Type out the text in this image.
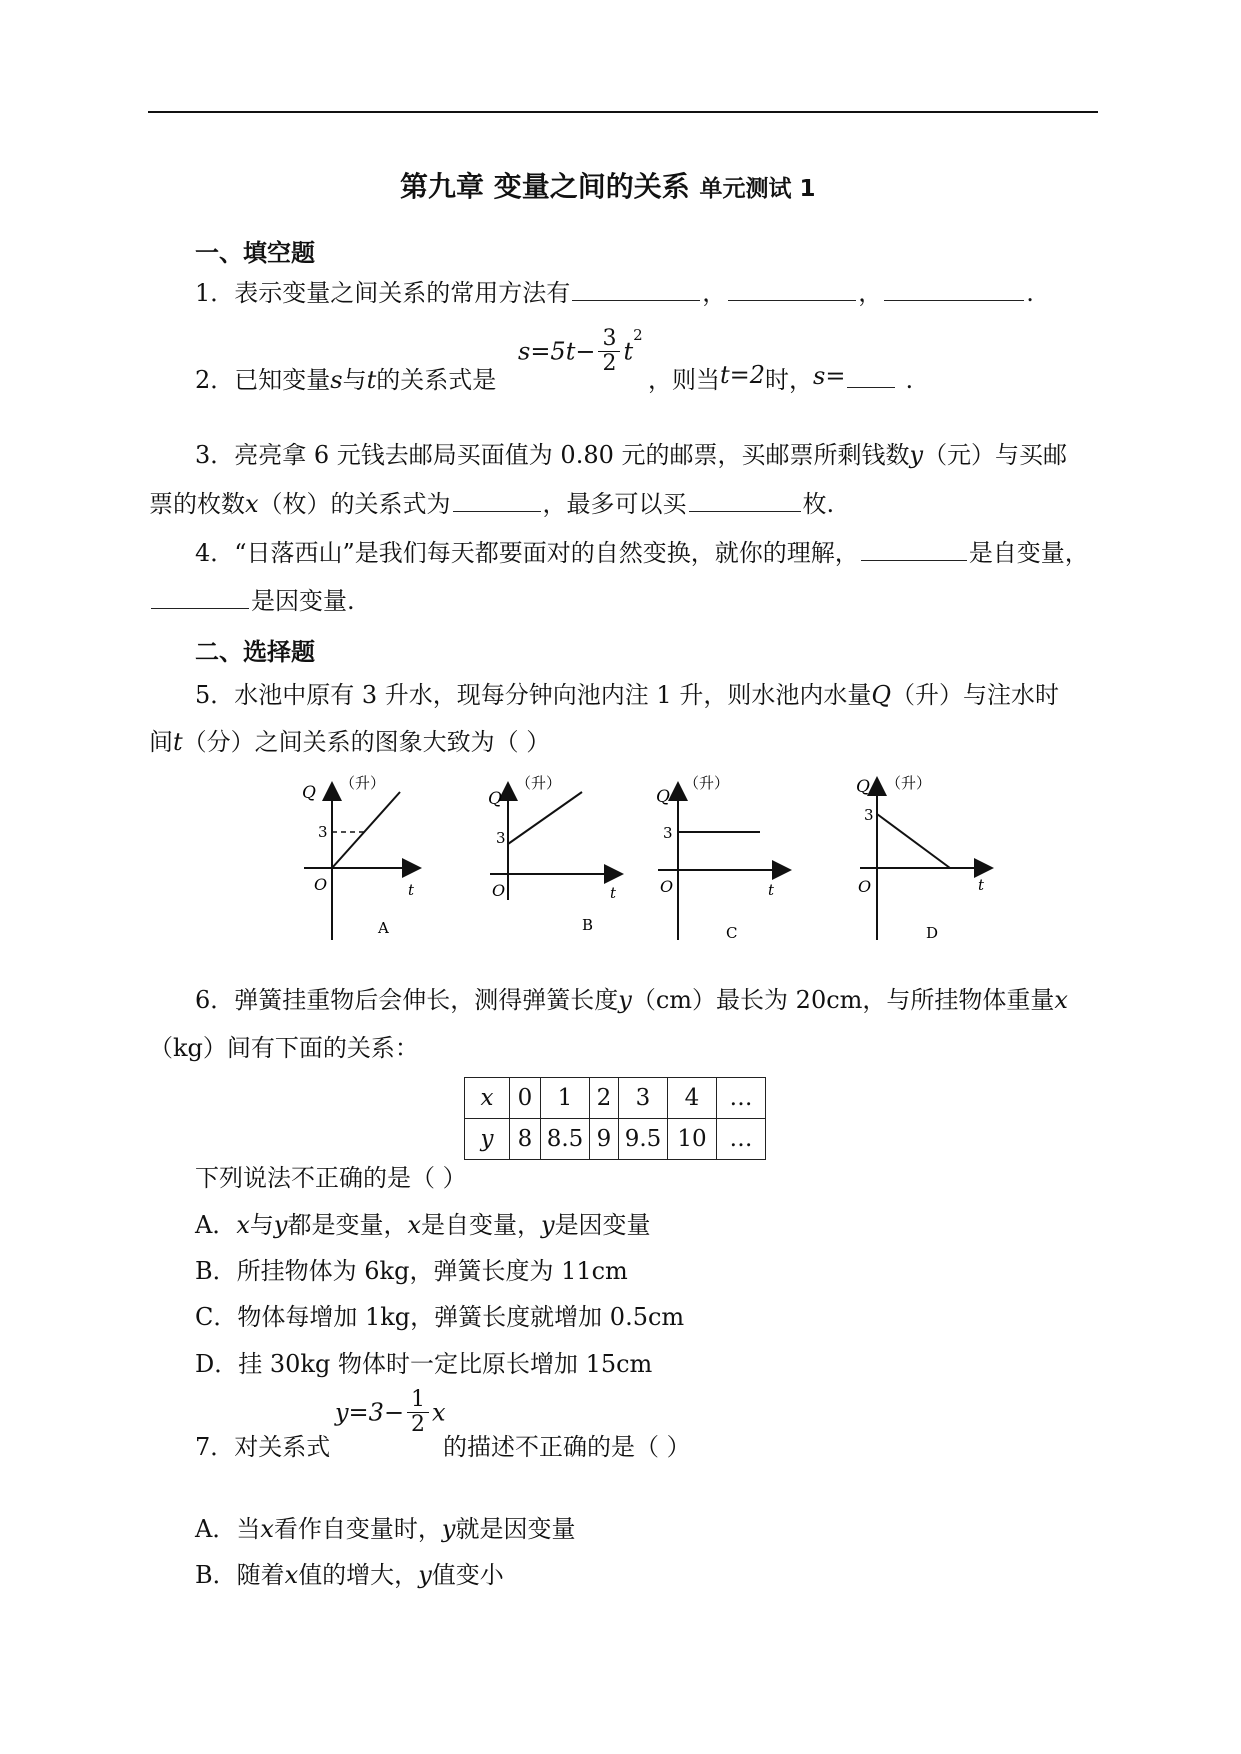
第九章 变量之间的关系 单元测试 1
一、填空题
1．表示变量之间关系的常用方法有	，	，	.
2．已知变量s与t的关系式是
$s=5t- \frac{3}{2} t^2$
，则当t=2时，s=	.
3．亮亮拿 6 元钱去邮局买面值为 0.80 元的邮票，买邮票所剩钱数y（元）与买邮
票的枚数x（枚）的关系式为	，最多可以买	枚.
4．“日落西山”是我们每天都要面对的自然变换，就你的理解，	是自变量，
是因变量.
二、选择题
5．水池中原有 3 升水，现每分钟向池内注 1 升，则水池内水量Q（升）与注水时
间t（分）之间关系的图象大致为（ ）
Q （升）
3
O	t
A
Q
（升）
3
O	t
B
Q
（升）
3
O	t
C
Q （升）
3
O	t
D
6．弹簧挂重物后会伸长，测得弹簧长度y（cm）最长为 20cm，与所挂物体重量x
（kg）间有下面的关系：
x	0	1	2	3	4	…
y	8	8.5	9	9.5	10	…
下列说法不正确的是（ ）
A．x与y都是变量，x是自变量，y是因变量
B．所挂物体为 6kg，弹簧长度为 11cm
C．物体每增加 1kg，弹簧长度就增加 0.5cm
D．挂 30kg 物体时一定比原长增加 15cm
7．对关系式
$y=3- \frac{1}{2}$ x
的描述不正确的是（ ）
A．当x看作自变量时，y就是因变量
B．随着x值的增大，y值变小
